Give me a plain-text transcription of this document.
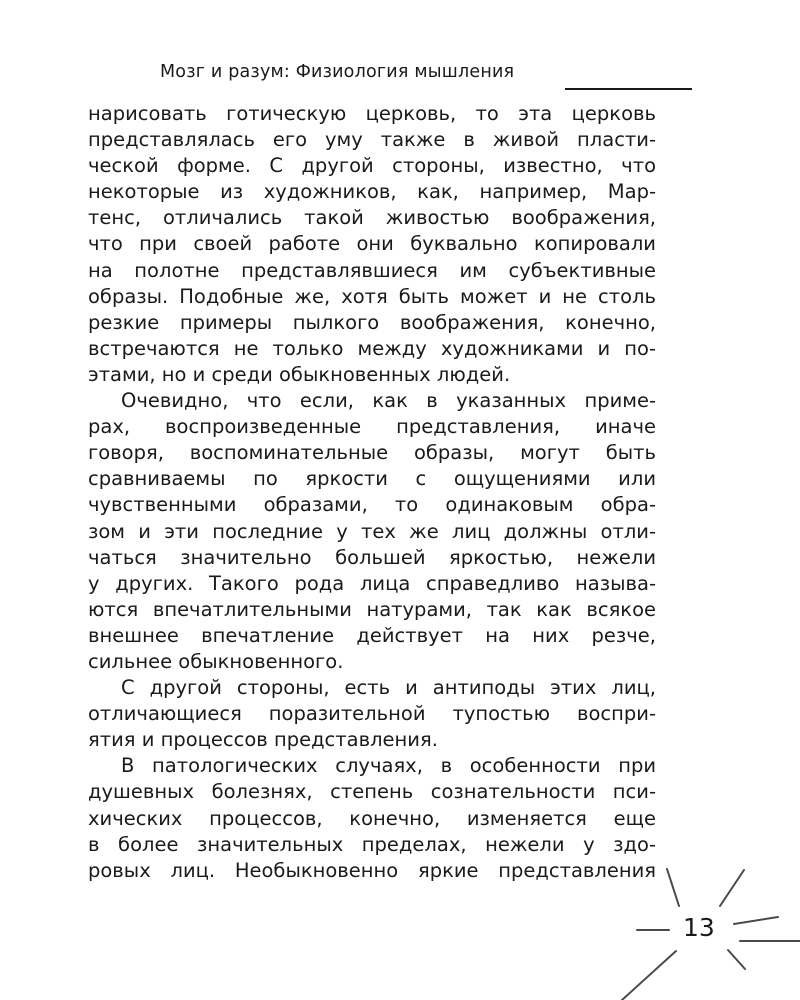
Мозг и разум: Физиология мышления
нарисовать готическую церковь, то эта церковь
представлялась его уму также в живой пласти-
ческой форме. С другой стороны, известно, что
некоторые из художников, как, например, Мар-
тенс, отличались такой живостью воображения,
что при своей работе они буквально копировали
на полотне представлявшиеся им субъективные
образы. Подобные же, хотя быть может и не столь
резкие примеры пылкого воображения, конечно,
встречаются не только между художниками и по-
этами, но и среди обыкновенных людей.
Очевидно, что если, как в указанных приме-
рах, воспроизведенные представления, иначе
говоря, воспоминательные образы, могут быть
сравниваемы по яркости с ощущениями или
чувственными образами, то одинаковым обра-
зом и эти последние у тех же лиц должны отли-
чаться значительно большей яркостью, нежели
у других. Такого рода лица справедливо называ-
ются впечатлительными натурами, так как всякое
внешнее впечатление действует на них резче,
сильнее обыкновенного.
С другой стороны, есть и антиподы этих лиц,
отличающиеся поразительной тупостью воспри-
ятия и процессов представления.
В патологических случаях, в особенности при
душевных болезнях, степень сознательности пси-
хических процессов, конечно, изменяется еще
в более значительных пределах, нежели у здо-
ровых лиц. Необыкновенно яркие представления
13
